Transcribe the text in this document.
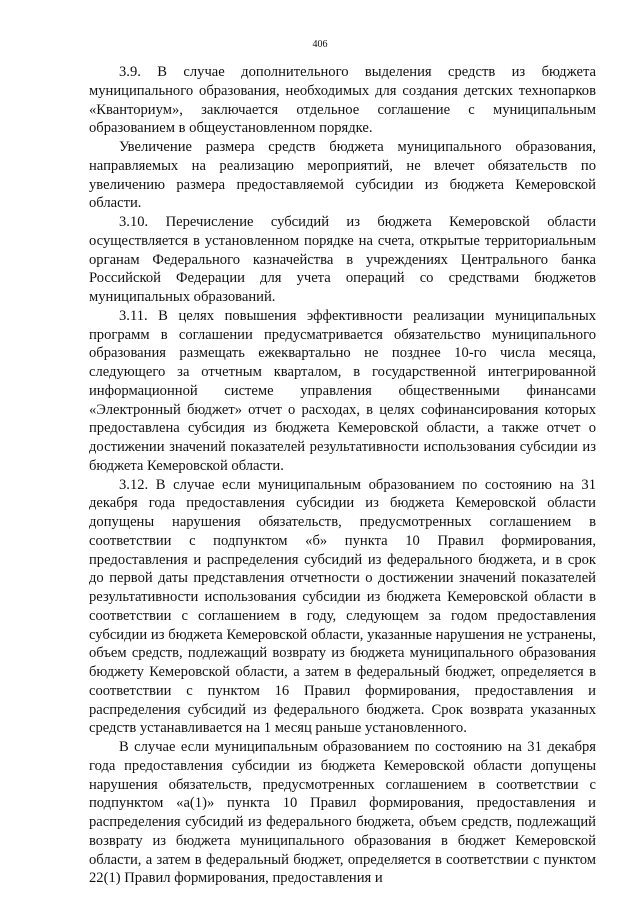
406

3.9. В случае дополнительного выделения средств из бюджета муниципального образования, необходимых для создания детских технопарков «Кванториум», заключается отдельное соглашение с муниципальным образованием в общеустановленном порядке.

Увеличение размера средств бюджета муниципального образования, направляемых на реализацию мероприятий, не влечет обязательств по увеличению размера предоставляемой субсидии из бюджета Кемеровской области.

3.10. Перечисление субсидий из бюджета Кемеровской области осуществляется в установленном порядке на счета, открытые территориальным органам Федерального казначейства в учреждениях Центрального банка Российской Федерации для учета операций со средствами бюджетов муниципальных образований.

3.11. В целях повышения эффективности реализации муниципальных программ в соглашении предусматривается обязательство муниципального образования размещать ежеквартально не позднее 10-го числа месяца, следующего за отчетным кварталом, в государственной интегрированной информационной системе управления общественными финансами «Электронный бюджет» отчет о расходах, в целях софинансирования которых предоставлена субсидия из бюджета Кемеровской области, а также отчет о достижении значений показателей результативности использования субсидии из бюджета Кемеровской области.

3.12. В случае если муниципальным образованием по состоянию на 31 декабря года предоставления субсидии из бюджета Кемеровской области допущены нарушения обязательств, предусмотренных соглашением в соответствии с подпунктом «б» пункта 10 Правил формирования, предоставления и распределения субсидий из федерального бюджета, и в срок до первой даты представления отчетности о достижении значений показателей результативности использования субсидии из бюджета Кемеровской области в соответствии с соглашением в году, следующем за годом предоставления субсидии из бюджета Кемеровской области, указанные нарушения не устранены, объем средств, подлежащий возврату из бюджета муниципального образования бюджету Кемеровской области, а затем в федеральный бюджет, определяется в соответствии с пунктом 16 Правил формирования, предоставления и распределения субсидий из федерального бюджета. Срок возврата указанных средств устанавливается на 1 месяц раньше установленного.

В случае если муниципальным образованием по состоянию на 31 декабря года предоставления субсидии из бюджета Кемеровской области допущены нарушения обязательств, предусмотренных соглашением в соответствии с подпунктом «а(1)» пункта 10 Правил формирования, предоставления и распределения субсидий из федерального бюджета, объем средств, подлежащий возврату из бюджета муниципального образования в бюджет Кемеровской области, а затем в федеральный бюджет, определяется в соответствии с пунктом 22(1) Правил формирования, предоставления и
